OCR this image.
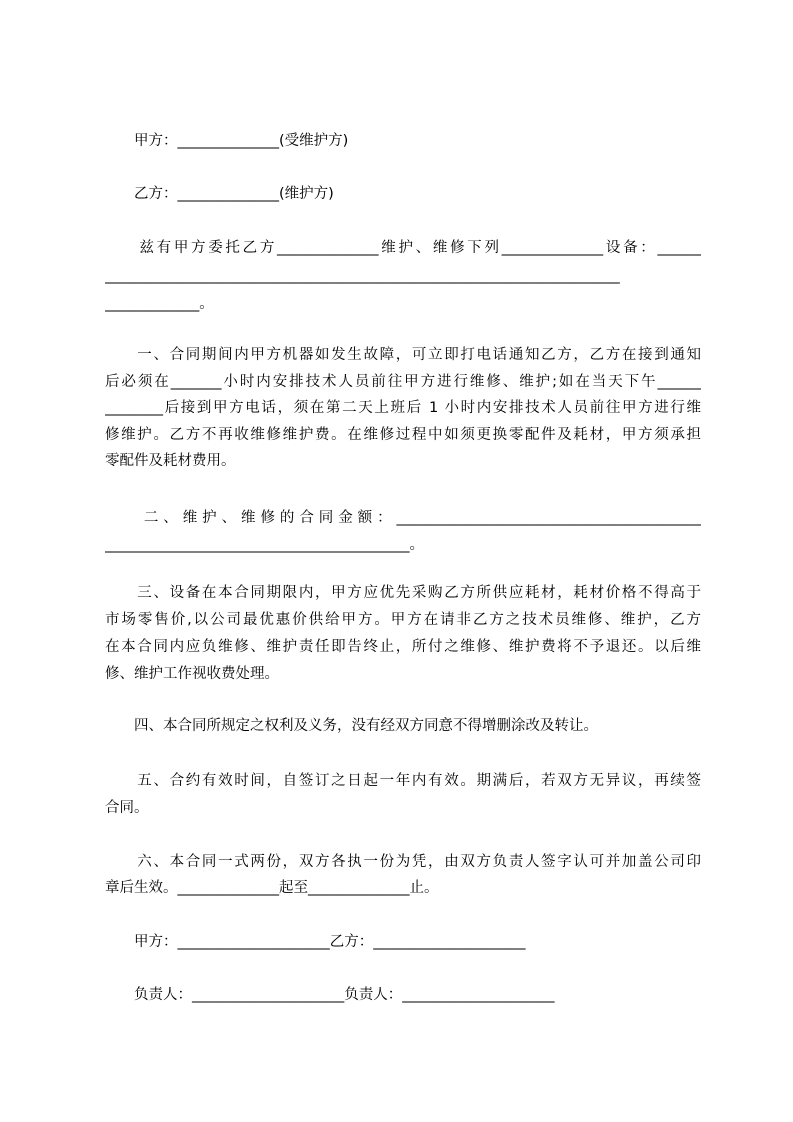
　　甲方：______________(受维护方)
　　乙方：______________(维护方)
　　兹有甲方委托乙方______________维护、维修下列______________设备：______
_______________________________________________________________________
_____________。
　　一、合同期间内甲方机器如发生故障，可立即打电话通知乙方，乙方在接到通知
后必须在_______小时内安排技术人员前往甲方进行维修、维护;如在当天下午______
________后接到甲方电话，须在第二天上班后 1 小时内安排技术人员前往甲方进行维
修维护。乙方不再收维修维护费。在维修过程中如须更换零配件及耗材，甲方须承担
零配件及耗材费用。
　　二、维护、维修的合同金额：__________________________________________
__________________________________________。
　　三、设备在本合同期限内，甲方应优先采购乙方所供应耗材，耗材价格不得高于
市场零售价,以公司最优惠价供给甲方。甲方在请非乙方之技术员维修、维护，乙方
在本合同内应负维修、维护责任即告终止，所付之维修、维护费将不予退还。以后维
修、维护工作视收费处理。
　　四、本合同所规定之权利及义务，没有经双方同意不得增删涂改及转让。
　　五、合约有效时间，自签订之日起一年内有效。期满后，若双方无异议，再续签
合同。
　　六、本合同一式两份，双方各执一份为凭，由双方负责人签字认可并加盖公司印
章后生效。______________起至______________止。
　　甲方：_____________________乙方：_____________________
　　负责人：_____________________负责人：_____________________
